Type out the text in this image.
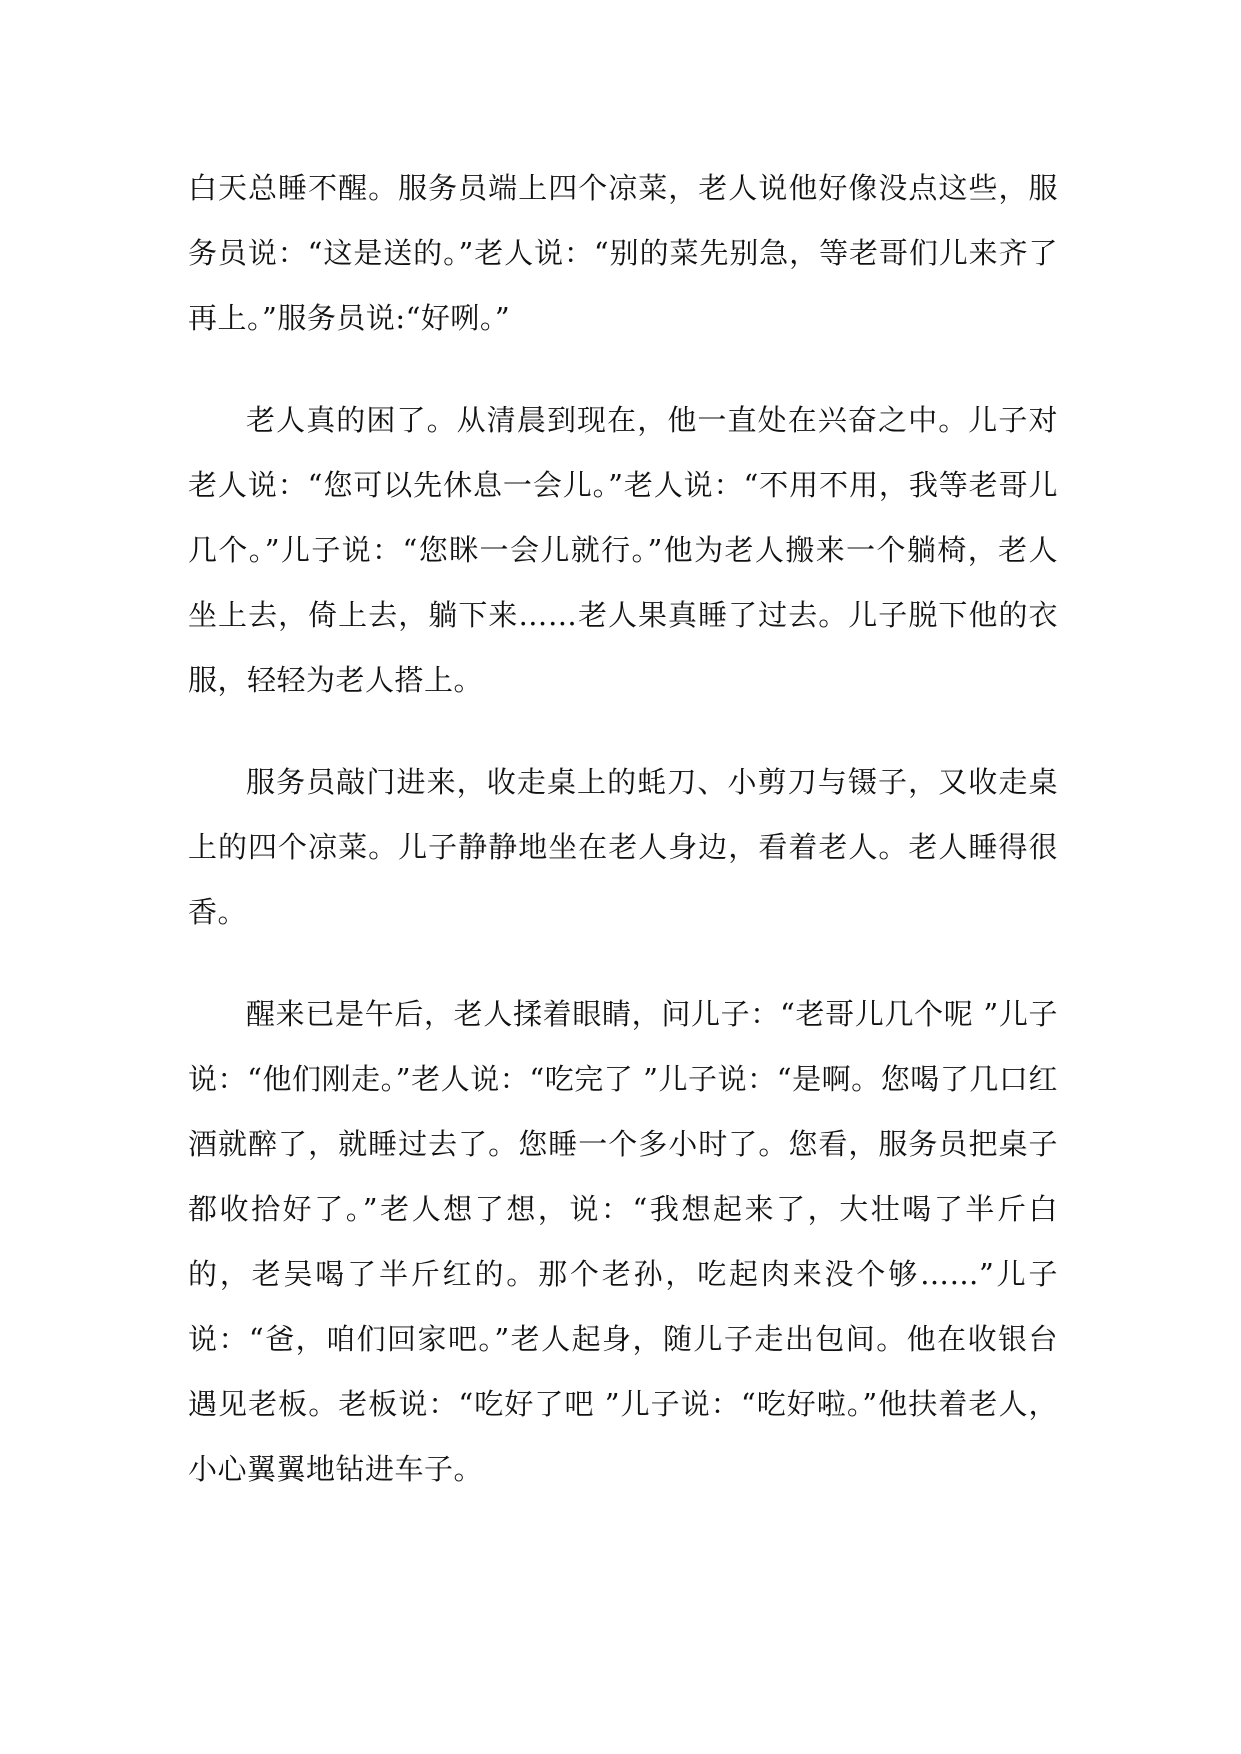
白天总睡不醒。服务员端上四个凉菜，老人说他好像没点这些，服务员说：“这是送的。”老人说：“别的菜先别急，等老哥们儿来齐了再上。”服务员说:“好咧。”

老人真的困了。从清晨到现在，他一直处在兴奋之中。儿子对老人说：“您可以先休息一会儿。”老人说：“不用不用，我等老哥儿几个。”儿子说：“您眯一会儿就行。”他为老人搬来一个躺椅，老人坐上去，倚上去，躺下来……老人果真睡了过去。儿子脱下他的衣服，轻轻为老人搭上。

服务员敲门进来，收走桌上的蚝刀、小剪刀与镊子，又收走桌上的四个凉菜。儿子静静地坐在老人身边，看着老人。老人睡得很香。

醒来已是午后，老人揉着眼睛，问儿子：“老哥儿几个呢 ”儿子说：“他们刚走。”老人说：“吃完了 ”儿子说：“是啊。您喝了几口红酒就醉了，就睡过去了。您睡一个多小时了。您看，服务员把桌子都收拾好了。”老人想了想，说：“我想起来了，大壮喝了半斤白的，老吴喝了半斤红的。那个老孙，吃起肉来没个够……”儿子说：“爸，咱们回家吧。”老人起身，随儿子走出包间。他在收银台遇见老板。老板说：“吃好了吧 ”儿子说：“吃好啦。”他扶着老人，小心翼翼地钻进车子。
